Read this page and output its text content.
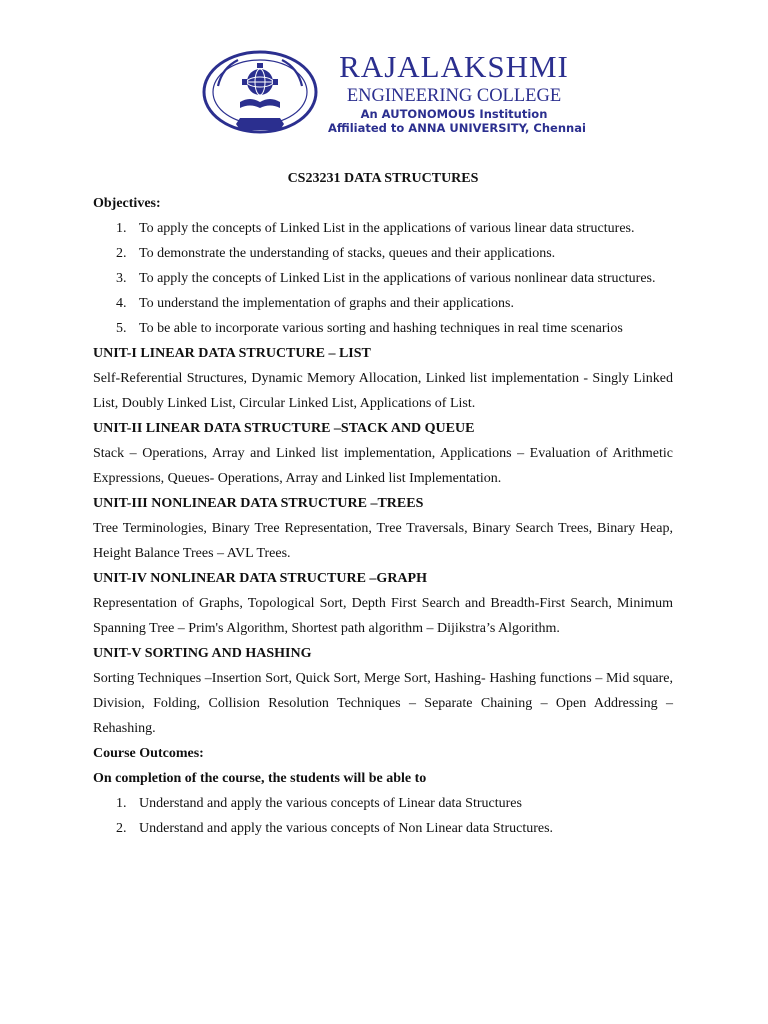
RAJALAKSHMI
ENGINEERING COLLEGE
An AUTONOMOUS Institution
Affiliated to ANNA UNIVERSITY, Chennai
CS23231 DATA STRUCTURES
Objectives:
1. To apply the concepts of Linked List in the applications of various linear data structures.
2. To demonstrate the understanding of stacks, queues and their applications.
3. To apply the concepts of Linked List in the applications of various nonlinear data structures.
4. To understand the implementation of graphs and their applications.
5. To be able to incorporate various sorting and hashing techniques in real time scenarios
UNIT-I LINEAR DATA STRUCTURE – LIST

Self-Referential Structures, Dynamic Memory Allocation, Linked list implementation - Singly Linked List, Doubly Linked List, Circular Linked List, Applications of List.

UNIT-II LINEAR DATA STRUCTURE –STACK AND QUEUE

Stack – Operations, Array and Linked list implementation, Applications – Evaluation of Arithmetic Expressions, Queues- Operations, Array and Linked list Implementation.

UNIT-III NONLINEAR DATA STRUCTURE –TREES

Tree Terminologies, Binary Tree Representation, Tree Traversals, Binary Search Trees, Binary Heap, Height Balance Trees – AVL Trees.

UNIT-IV NONLINEAR DATA STRUCTURE –GRAPH

Representation of Graphs, Topological Sort, Depth First Search and Breadth-First Search, Minimum Spanning Tree – Prim's Algorithm, Shortest path algorithm – Dijikstra’s Algorithm.

UNIT-V SORTING AND HASHING

Sorting Techniques –Insertion Sort, Quick Sort, Merge Sort, Hashing- Hashing functions – Mid square, Division, Folding, Collision Resolution Techniques – Separate Chaining – Open Addressing – Rehashing.

Course Outcomes:
On completion of the course, the students will be able to
1. Understand and apply the various concepts of Linear data Structures
2. Understand and apply the various concepts of Non Linear data Structures.
